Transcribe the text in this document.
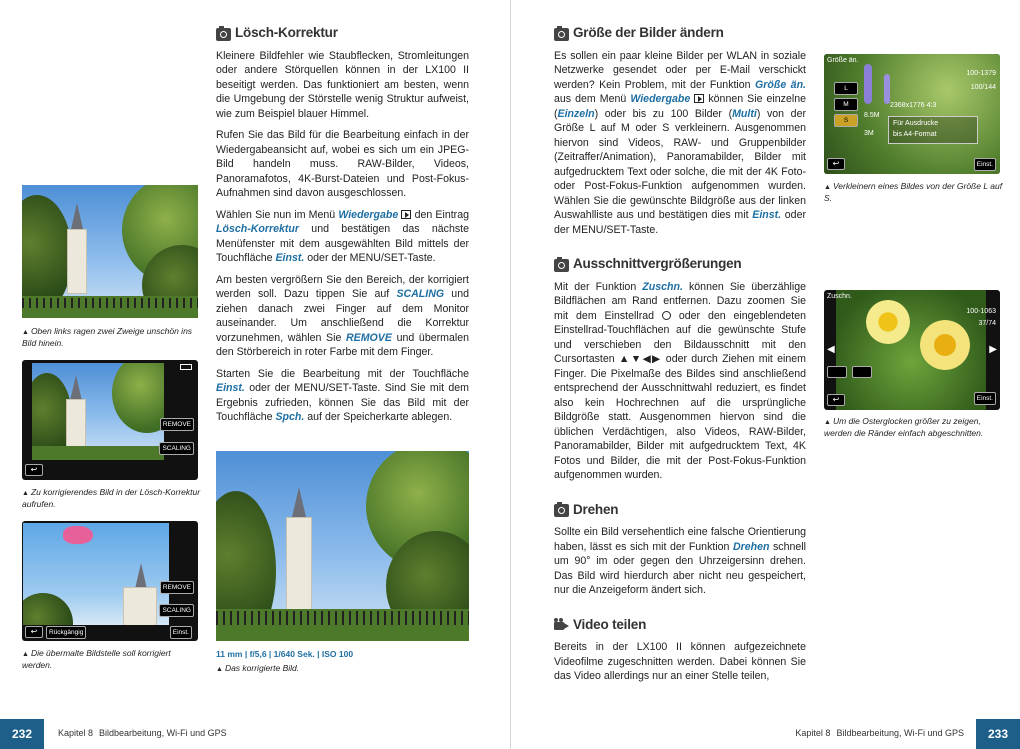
▲ Oben links ragen zwei Zweige unschön ins Bild hinein.
REMOVE
SCALING
↩
▲ Zu korrigierendes Bild in der Lösch-Korrektur aufrufen.
REMOVE
SCALING
↩	Rückgängig	Einst.
▲ Die übermalte Bildstelle soll korrigiert werden.
Lösch-Korrektur

Kleinere Bildfehler wie Staubflecken, Stromleitungen oder andere Störquellen können in der LX100 II beseitigt werden. Das funktioniert am besten, wenn die Umgebung der Störstelle wenig Struktur aufweist, wie zum Beispiel blauer Himmel.

Rufen Sie das Bild für die Bearbeitung einfach in der Wiedergabeansicht auf, wobei es sich um ein JPEG-Bild handeln muss. RAW-Bilder, Videos, Panoramafotos, 4K-Burst-Dateien und Post-Fokus-Aufnahmen sind davon ausgeschlossen.

Wählen Sie nun im Menü Wiedergabe  den Eintrag Lösch-Korrektur und bestätigen das nächste Menüfenster mit dem ausgewählten Bild mittels der Touchfläche Einst. oder der MENU/SET-Taste.

Am besten vergrößern Sie den Bereich, der korrigiert werden soll. Dazu tippen Sie auf SCALING und ziehen danach zwei Finger auf dem Monitor auseinander. Um anschließend die Korrektur vorzunehmen, wählen Sie REMOVE und übermalen den Störbereich in roter Farbe mit dem Finger.

Starten Sie die Bearbeitung mit der Touchfläche Einst. oder der MENU/SET-Taste. Sind Sie mit dem Ergebnis zufrieden, können Sie das Bild mit der Touchfläche Spch. auf der Speicherkarte ablegen.

11 mm | f/5,6 | 1/640 Sek. | ISO 100
▲ Das korrigierte Bild.
232	Kapitel 8 Bildbearbeitung, Wi-Fi und GPS
Größe der Bilder ändern

Es sollen ein paar kleine Bilder per WLAN in soziale Netzwerke gesendet oder per E-Mail verschickt werden? Kein Problem, mit der Funktion Größe än. aus dem Menü Wiedergabe  können Sie einzelne (Einzeln) oder bis zu 100 Bilder (Multi) von der Größe L auf M oder S verkleinern. Ausgenommen hiervon sind Videos, RAW- und Gruppenbilder (Zeitraffer/Animation), Panoramabilder, Bilder mit aufgedrucktem Text oder solche, die mit der 4K Foto- oder Post-Fokus-Funktion aufgenommen wurden. Wählen Sie die gewünschte Bildgröße aus der linken Auswahlliste aus und bestätigen dies mit Einst. oder der MENU/SET-Taste.

Ausschnittvergrößerungen

Mit der Funktion Zuschn. können Sie überzählige Bildflächen am Rand entfernen. Dazu zoomen Sie mit dem Einstellrad  oder den eingeblendeten Einstellrad-Touchflächen auf die gewünschte Stufe und verschieben den Bildausschnitt mit den Cursortasten ▲▼◀▶ oder durch Ziehen mit einem Finger. Die Pixelmaße des Bildes sind anschließend entsprechend der Ausschnittwahl reduziert, es findet also kein Hochrechnen auf die ursprüngliche Bildgröße statt. Ausgenommen hiervon sind die üblichen Verdächtigen, also Videos, RAW-Bilder, Panoramabilder, Bilder mit aufgedrucktem Text, 4K Fotos und Bilder, die mit der Post-Fokus-Funktion aufgenommen wurden.

Drehen

Sollte ein Bild versehentlich eine falsche Orientierung haben, lässt es sich mit der Funktion Drehen schnell um 90° im oder gegen den Uhrzeigersinn drehen. Das Bild wird hierdurch aber nicht neu gespeichert, nur die Anzeigeform ändert sich.

Video teilen

Bereits in der LX100 II können aufgezeichnete Videofilme zugeschnitten werden. Dabei können Sie das Video allerdings nur an einer Stelle teilen,

Größe än.
100-1379
100/144
L
M
S
8.5M
3M
2368x1776 4:3
Für Ausdrucke
bis A4-Format
↩	Einst.
▲ Verkleinern eines Bildes von der Größe L auf S.
Zuschn.
100-1063
37/74
◀	▶
↩	Einst.
▲ Um die Osterglocken größer zu zeigen, werden die Ränder einfach abgeschnitten.
Kapitel 8 Bildbearbeitung, Wi-Fi und GPS	233
